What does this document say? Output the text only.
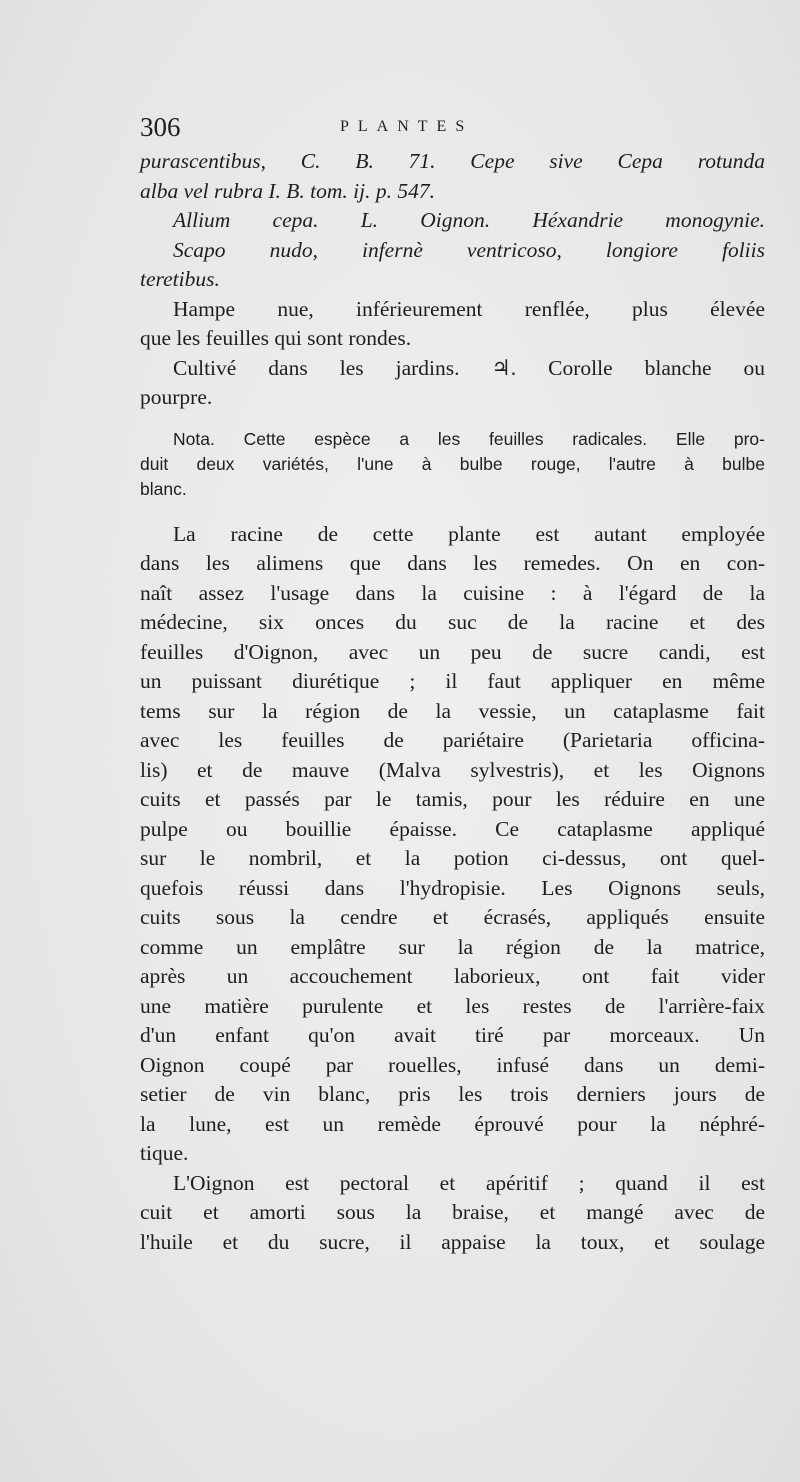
306	PLANTES
purascentibus, C. B. 71. Cepe sive Cepa rotunda
alba vel rubra I. B. tom. ij. p. 547.
Allium cepa. L. Oignon. Héxandrie monogynie.
Scapo nudo, infernè ventricoso, longiore foliis
teretibus.
Hampe nue, inférieurement renflée, plus élevée
que les feuilles qui sont rondes.
Cultivé dans les jardins. ♃. Corolle blanche ou
pourpre.
Nota. Cette espèce a les feuilles radicales. Elle pro-
duit deux variétés, l'une à bulbe rouge, l'autre à bulbe
blanc.
La racine de cette plante est autant employée
dans les alimens que dans les remedes. On en con-
naît assez l'usage dans la cuisine : à l'égard de la
médecine, six onces du suc de la racine et des
feuilles d'Oignon, avec un peu de sucre candi, est
un puissant diurétique ; il faut appliquer en même
tems sur la région de la vessie, un cataplasme fait
avec les feuilles de pariétaire (Parietaria officina-
lis) et de mauve (Malva sylvestris), et les Oignons
cuits et passés par le tamis, pour les réduire en une
pulpe ou bouillie épaisse. Ce cataplasme appliqué
sur le nombril, et la potion ci-dessus, ont quel-
quefois réussi dans l'hydropisie. Les Oignons seuls,
cuits sous la cendre et écrasés, appliqués ensuite
comme un emplâtre sur la région de la matrice,
après un accouchement laborieux, ont fait vider
une matière purulente et les restes de l'arrière-faix
d'un enfant qu'on avait tiré par morceaux. Un
Oignon coupé par rouelles, infusé dans un demi-
setier de vin blanc, pris les trois derniers jours de
la lune, est un remède éprouvé pour la néphré-
tique.
L'Oignon est pectoral et apéritif ; quand il est
cuit et amorti sous la braise, et mangé avec de
l'huile et du sucre, il appaise la toux, et soulage
